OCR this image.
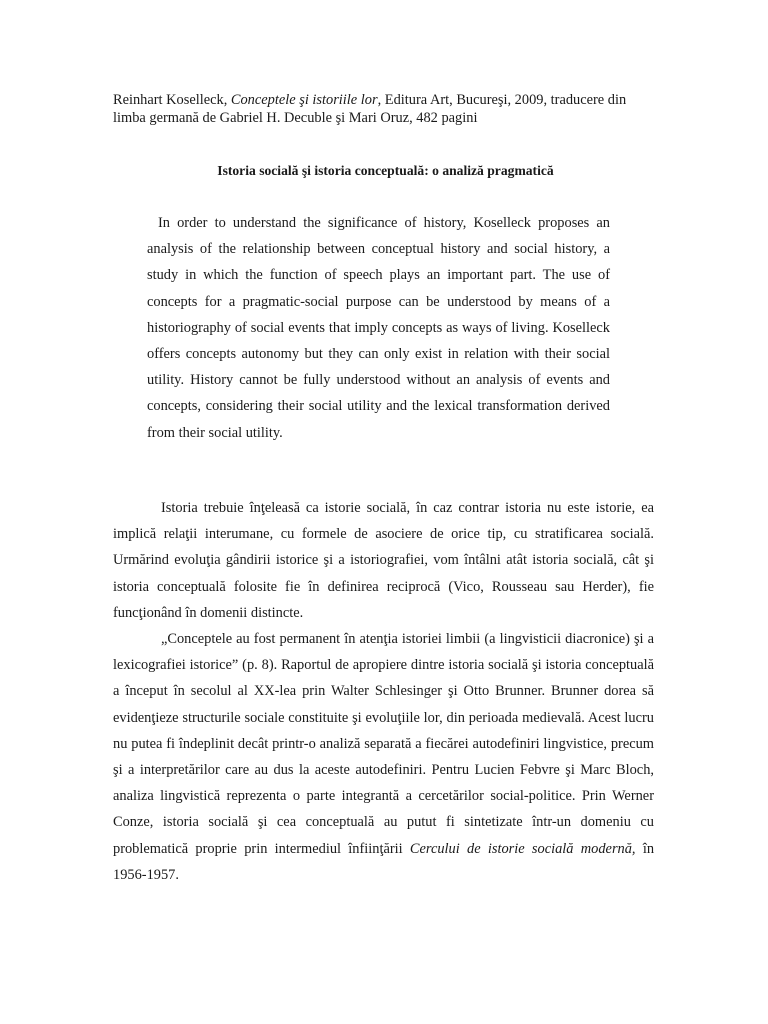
Reinhart Koselleck, Conceptele şi istoriile lor, Editura Art, Bucureşi, 2009, traducere din limba germană de Gabriel H. Decuble şi Mari Oruz, 482 pagini
Istoria socială şi istoria conceptuală: o analiză pragmatică

In order to understand the significance of history, Koselleck proposes an analysis of the relationship between conceptual history and social history, a study in which the function of speech plays an important part. The use of concepts for a pragmatic-social purpose can be understood by means of a historiography of social events that imply concepts as ways of living. Koselleck offers concepts autonomy but they can only exist in relation with their social utility. History cannot be fully understood without an analysis of events and concepts, considering their social utility and the lexical transformation derived from their social utility.

Istoria trebuie înţeleasă ca istorie socială, în caz contrar istoria nu este istorie, ea implică relaţii interumane, cu formele de asociere de orice tip, cu stratificarea socială. Urmărind evoluţia gândirii istorice şi a istoriografiei, vom întâlni atât istoria socială, cât şi istoria conceptuală folosite fie în definirea reciprocă (Vico, Rousseau sau Herder), fie funcţionând în domenii distincte.

„Conceptele au fost permanent în atenţia istoriei limbii (a lingvisticii diacronice) şi a lexicografiei istorice” (p. 8). Raportul de apropiere dintre istoria socială şi istoria conceptuală a început în secolul al XX-lea prin Walter Schlesinger şi Otto Brunner. Brunner dorea să evidenţieze structurile sociale constituite şi evoluţiile lor, din perioada medievală. Acest lucru nu putea fi îndeplinit decât printr-o analiză separată a fiecărei autodefiniri lingvistice, precum şi a interpretărilor care au dus la aceste autodefiniri. Pentru Lucien Febvre şi Marc Bloch, analiza lingvistică reprezenta o parte integrantă a cercetărilor social-politice. Prin Werner Conze, istoria socială şi cea conceptuală au putut fi sintetizate într-un domeniu cu problematică proprie prin intermediul înfiinţării Cercului de istorie socială modernă, în 1956-1957.
